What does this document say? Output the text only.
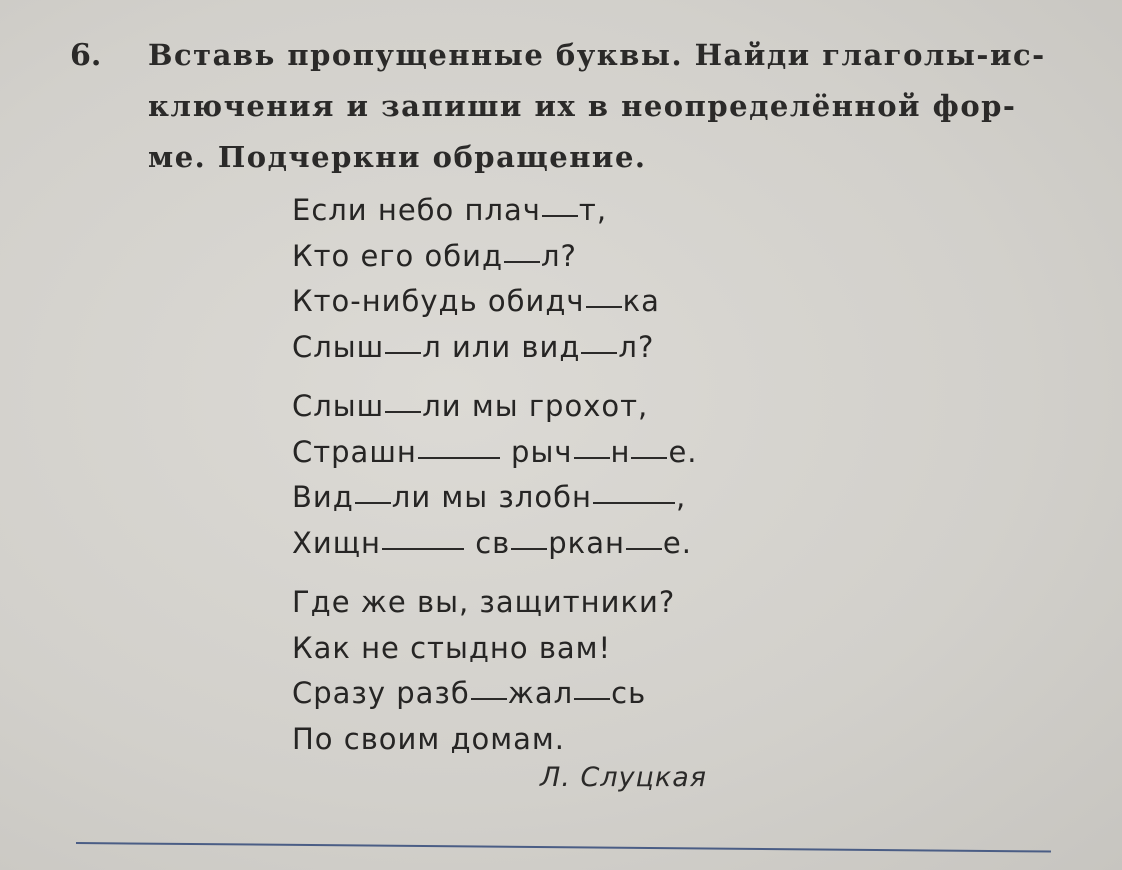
6. Вставь пропущенные буквы. Найди глаголы-ис-
ключения и запиши их в неопределённой фор-
ме. Подчеркни обращение.
Если небо плач т,
Кто его обид л?
Кто-нибудь обидч ка
Слыш л или вид л?
Слыш ли мы грохот,
Страшн	рыч н е.
Вид ли мы злобн	,
Хищн	св ркан е.
Где же вы, защитники?
Как не стыдно вам!
Сразу разб жал сь
По своим домам.
Л. Слуцкая
